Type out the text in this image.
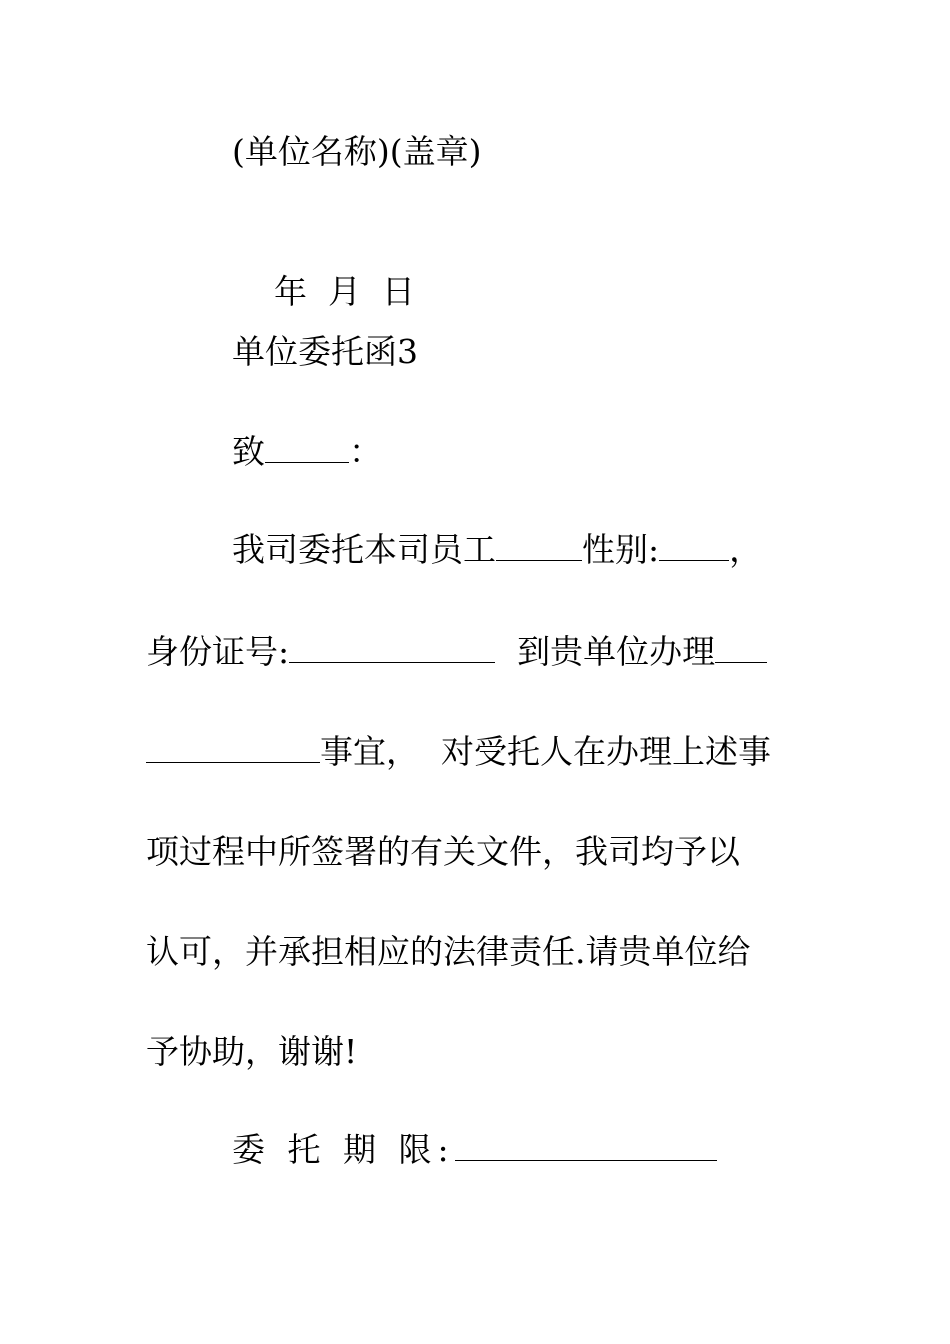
(单位名称)(盖章)

年  月  日

单位委托函3
致	：
我司委托本司员工	性别: ，
身份证号:	到贵单位办理
事宜， 对受托人在办理上述事
项过程中所签署的有关文件，我司均予以
认可，并承担相应的法律责任.请贵单位给
予协助，谢谢!
委 托 期 限:
